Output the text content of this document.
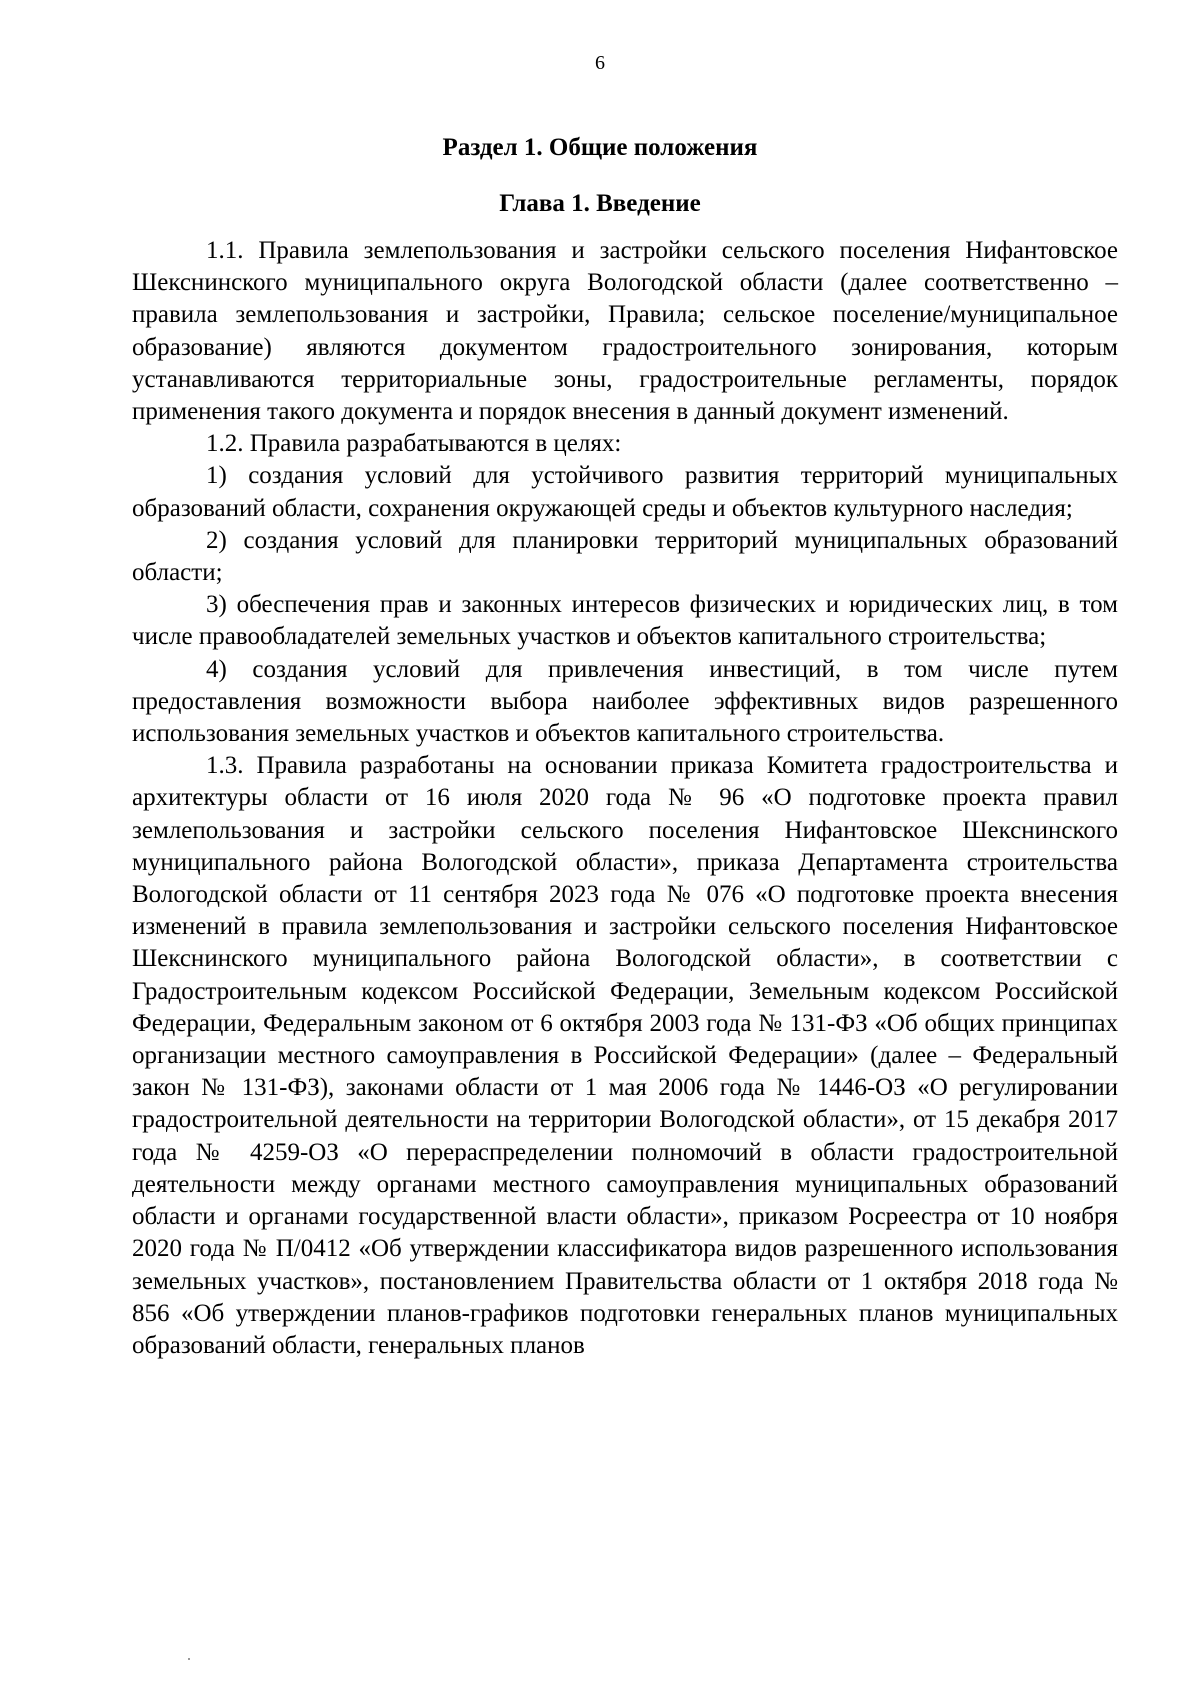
6
Раздел 1. Общие положения
Глава 1. Введение

1.1. Правила землепользования и застройки сельского поселения Нифантовское Шекснинского муниципального округа Вологодской области (далее соответственно – правила землепользования и застройки, Правила; сельское поселение/муниципальное образование) являются документом градостроительного зонирования, которым устанавливаются территориальные зоны, градостроительные регламенты, порядок применения такого документа и порядок внесения в данный документ изменений.

1.2. Правила разрабатываются в целях:

1) создания условий для устойчивого развития территорий муниципальных образований области, сохранения окружающей среды и объектов культурного наследия;

2) создания условий для планировки территорий муниципальных образований области;

3) обеспечения прав и законных интересов физических и юридических лиц, в том числе правообладателей земельных участков и объектов капитального строительства;

4) создания условий для привлечения инвестиций, в том числе путем предоставления возможности выбора наиболее эффективных видов разрешенного использования земельных участков и объектов капитального строительства.

1.3. Правила разработаны на основании приказа Комитета градостроительства и архитектуры области от 16 июля 2020 года № 96 «О подготовке проекта правил землепользования и застройки сельского поселения Нифантовское Шекснинского муниципального района Вологодской области», приказа Департамента строительства Вологодской области от 11 сентября 2023 года № 076 «О подготовке проекта внесения изменений в правила землепользования и застройки сельского поселения Нифантовское Шекснинского муниципального района Вологодской области», в соответствии с Градостроительным кодексом Российской Федерации, Земельным кодексом Российской Федерации, Федеральным законом от 6 октября 2003 года № 131-ФЗ «Об общих принципах организации местного самоуправления в Российской Федерации» (далее – Федеральный закон № 131-ФЗ), законами области от 1 мая 2006 года № 1446-ОЗ «О регулировании градостроительной деятельности на территории Вологодской области», от 15 декабря 2017 года № 4259-ОЗ «О перераспределении полномочий в области градостроительной деятельности между органами местного самоуправления муниципальных образований области и органами государственной власти области», приказом Росреестра от 10 ноября 2020 года № П/0412 «Об утверждении классификатора видов разрешенного использования земельных участков», постановлением Правительства области от 1 октября 2018 года № 856 «Об утверждении планов-графиков подготовки генеральных планов муниципальных образований области, генеральных планов
